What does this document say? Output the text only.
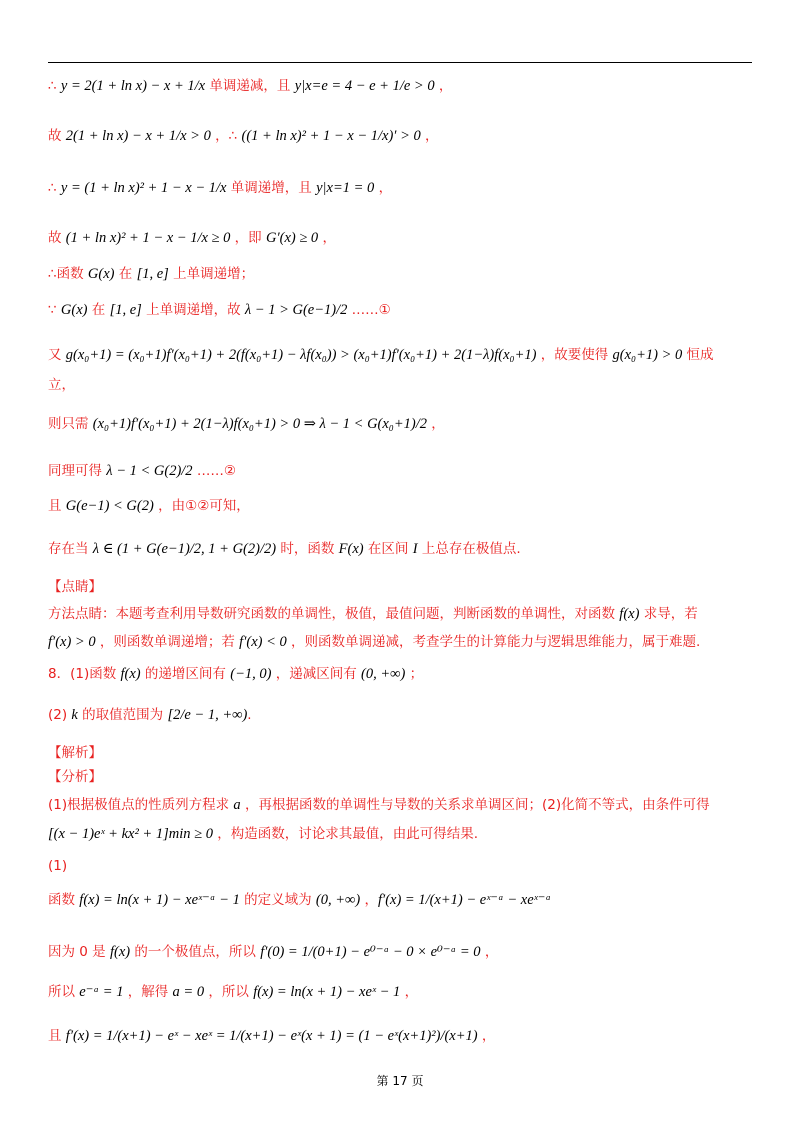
∴ y = 2(1 + ln x) − x + 1/x 单调递减，且 y|x=e = 4 − e + 1/e > 0 ，
故 2(1 + ln x) − x + 1/x > 0 ，∴ ((1 + ln x)² + 1 − x − 1/x)′ > 0 ，
∴ y = (1 + ln x)² + 1 − x − 1/x 单调递增，且 y|x=1 = 0 ，
故 (1 + ln x)² + 1 − x − 1/x ≥ 0 ，即 G′(x) ≥ 0 ，
∴函数 G(x) 在 [1, e] 上单调递增；
∵ G(x) 在 [1, e] 上单调递增，故 λ − 1 > G(e−1)/2 ……①
又 g(x₀+1) = (x₀+1)f′(x₀+1) + 2(f(x₀+1) − λf(x₀)) > (x₀+1)f′(x₀+1) + 2(1−λ)f(x₀+1) ，故要使得 g(x₀+1) > 0 恒成
立，
则只需 (x₀+1)f′(x₀+1) + 2(1−λ)f(x₀+1) > 0 ⇒ λ − 1 < G(x₀+1)/2 ，
同理可得 λ − 1 < G(2)/2 ……②
且 G(e−1) < G(2) ，由①②可知，
存在当 λ ∈ (1 + G(e−1)/2, 1 + G(2)/2) 时，函数 F(x) 在区间 I 上总存在极值点.
【点睛】
方法点睛：本题考查利用导数研究函数的单调性，极值，最值问题，判断函数的单调性，对函数 f(x) 求导，若
f′(x) > 0 ，则函数单调递增；若 f′(x) < 0 ，则函数单调递减，考查学生的计算能力与逻辑思维能力，属于难题.
8．(1)函数 f(x) 的递增区间有 (−1, 0) ，递减区间有 (0, +∞) ；
(2) k 的取值范围为 [2/e − 1, +∞).
【解析】
【分析】
(1)根据极值点的性质列方程求 a ，再根据函数的单调性与导数的关系求单调区间；(2)化简不等式，由条件可得
[(x − 1)eˣ + kx² + 1]min ≥ 0 ，构造函数，讨论求其最值，由此可得结果.
(1)
函数 f(x) = ln(x + 1) − xeˣ⁻ᵃ − 1 的定义域为 (0, +∞) ，f′(x) = 1/(x+1) − eˣ⁻ᵃ − xeˣ⁻ᵃ
因为 0 是 f(x) 的一个极值点，所以 f′(0) = 1/(0+1) − e⁰⁻ᵃ − 0 × e⁰⁻ᵃ = 0 ，
所以 e⁻ᵃ = 1 ，解得 a = 0 ，所以 f(x) = ln(x + 1) − xeˣ − 1 ，
且 f′(x) = 1/(x+1) − eˣ − xeˣ = 1/(x+1) − eˣ(x + 1) = (1 − eˣ(x+1)²)/(x+1) ，
第 17 页
